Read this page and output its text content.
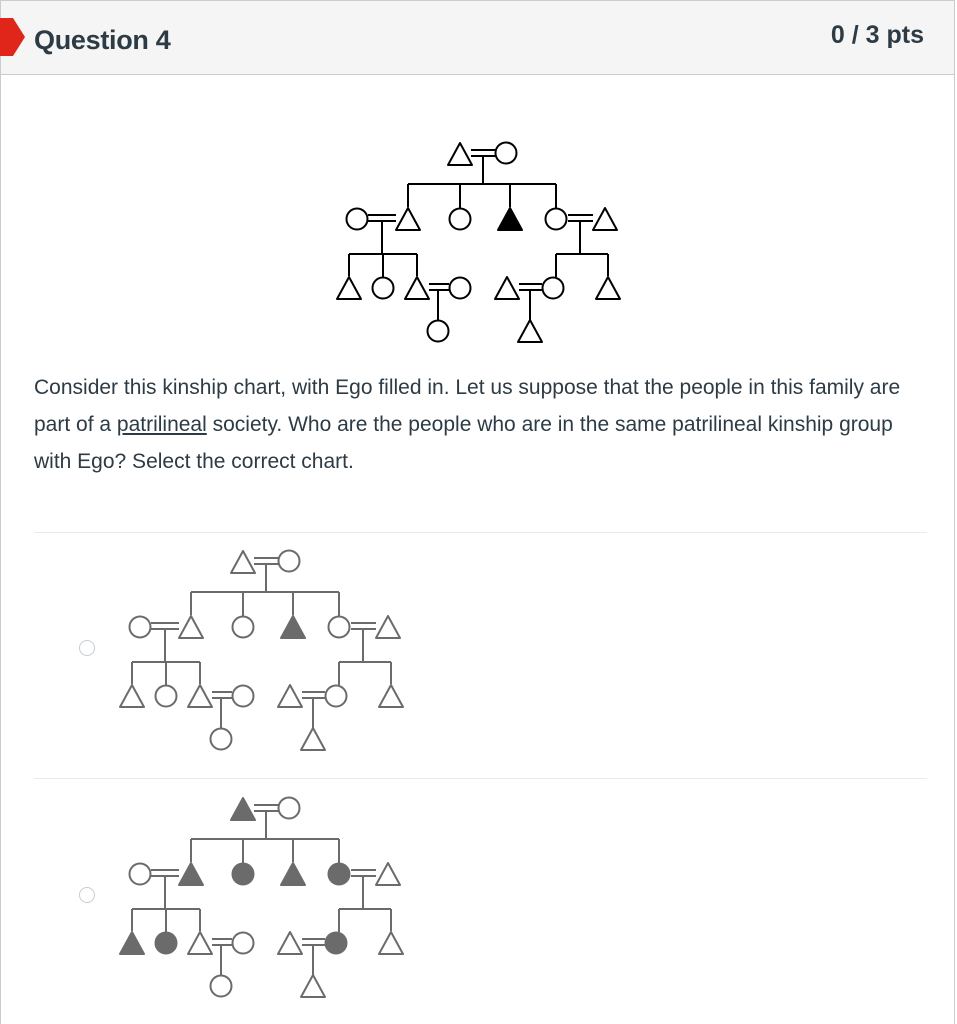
Question 4	0 / 3 pts
Consider this kinship chart, with Ego filled in. Let us suppose that the people in this family are part of a patrilineal society. Who are the people who are in the same patrilineal kinship group with Ego? Select the correct chart.
